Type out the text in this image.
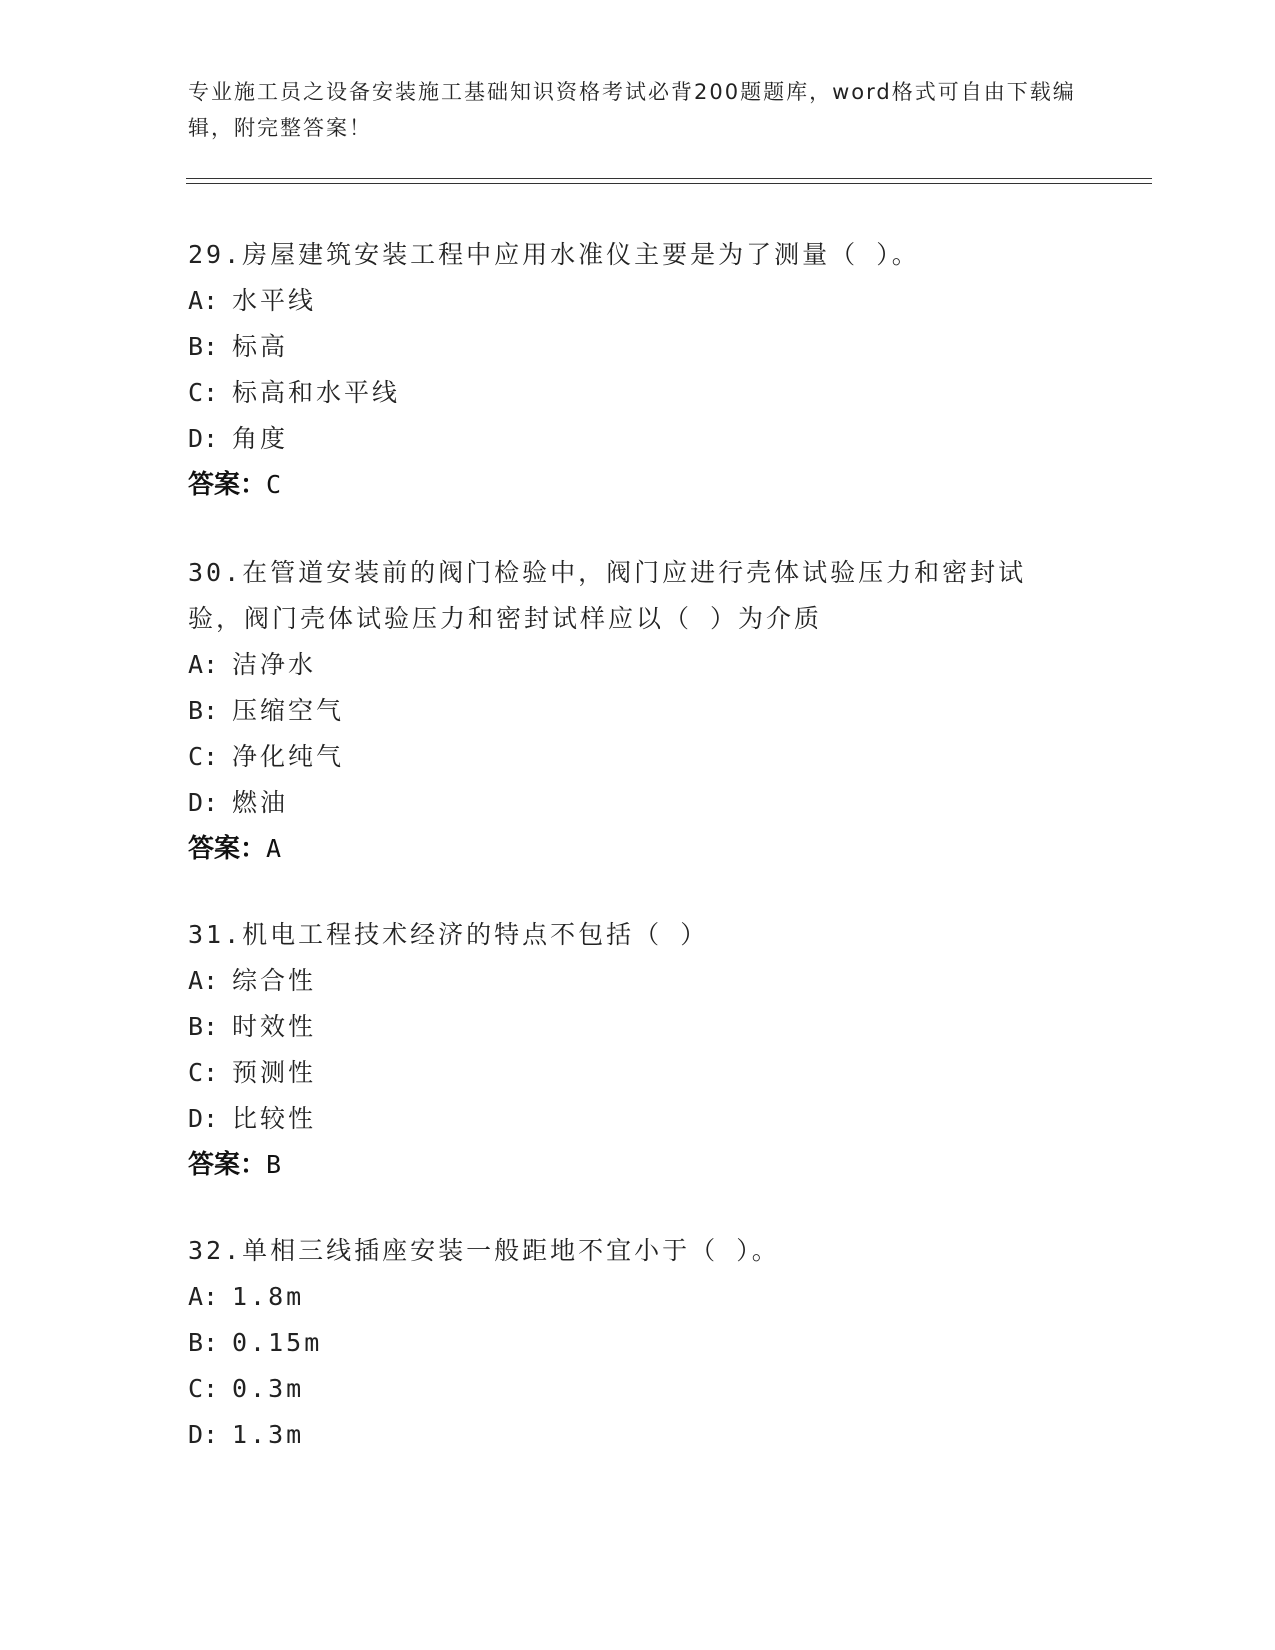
专业施工员之设备安装施工基础知识资格考试必背200题题库，word格式可自由下载编辑，附完整答案！

29.房屋建筑安装工程中应用水准仪主要是为了测量（ ）。

A: 水平线

B: 标高

C: 标高和水平线

D: 角度

答案：C

30.在管道安装前的阀门检验中，阀门应进行壳体试验压力和密封试验，阀门壳体试验压力和密封试样应以（ ）为介质

A: 洁净水

B: 压缩空气

C: 净化纯气

D: 燃油

答案：A

31.机电工程技术经济的特点不包括（ ）

A: 综合性

B: 时效性

C: 预测性

D: 比较性

答案：B

32.单相三线插座安装一般距地不宜小于（ ）。

A: 1.8m

B: 0.15m

C: 0.3m

D: 1.3m
